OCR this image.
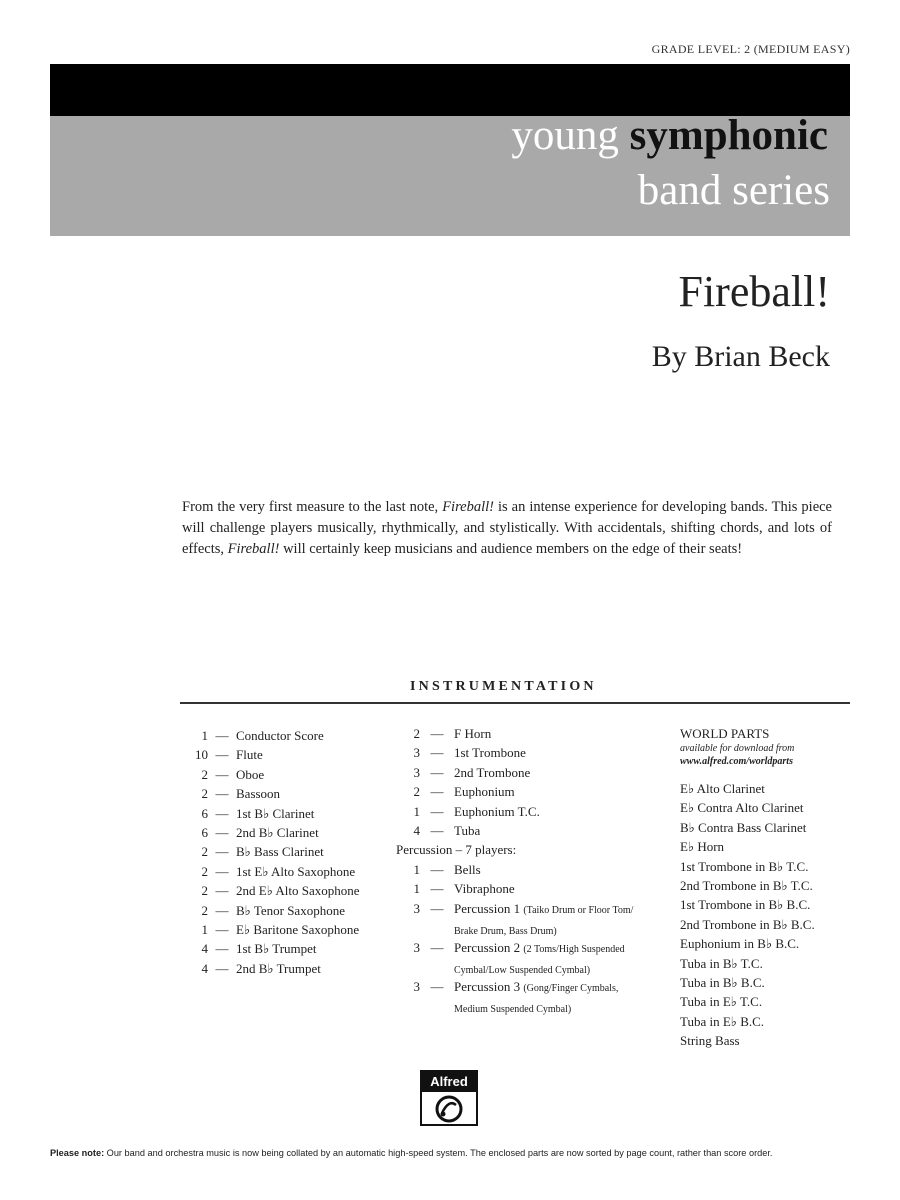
GRADE LEVEL: 2 (MEDIUM EASY)
young symphonic
band series
Fireball!
By Brian Beck
From the very first measure to the last note, Fireball! is an intense experience for developing bands. This piece will challenge players musically, rhythmically, and stylistically. With accidentals, shifting chords, and lots of effects, Fireball! will certainly keep musicians and audience members on the edge of their seats!
INSTRUMENTATION
1 — Conductor Score
10 — Flute
2 — Oboe
2 — Bassoon
6 — 1st B♭ Clarinet
6 — 2nd B♭ Clarinet
2 — B♭ Bass Clarinet
2 — 1st E♭ Alto Saxophone
2 — 2nd E♭ Alto Saxophone
2 — B♭ Tenor Saxophone
1 — E♭ Baritone Saxophone
4 — 1st B♭ Trumpet
4 — 2nd B♭ Trumpet
2 — F Horn
3 — 1st Trombone
3 — 2nd Trombone
2 — Euphonium
1 — Euphonium T.C.
4 — Tuba
Percussion – 7 players:
1 — Bells
1 — Vibraphone
3 — Percussion 1 (Taiko Drum or Floor Tom/
Brake Drum, Bass Drum)
3 — Percussion 2 (2 Toms/High Suspended
Cymbal/Low Suspended Cymbal)
3 — Percussion 3 (Gong/Finger Cymbals,
Medium Suspended Cymbal)
WORLD PARTS
available for download from
www.alfred.com/worldparts
E♭ Alto Clarinet
E♭ Contra Alto Clarinet
B♭ Contra Bass Clarinet
E♭ Horn
1st Trombone in B♭ T.C.
2nd Trombone in B♭ T.C.
1st Trombone in B♭ B.C.
2nd Trombone in B♭ B.C.
Euphonium in B♭ B.C.
Tuba in B♭ T.C.
Tuba in B♭ B.C.
Tuba in E♭ T.C.
Tuba in E♭ B.C.
String Bass
Alfred
Please note: Our band and orchestra music is now being collated by an automatic high-speed system. The enclosed parts are now sorted by page count, rather than score order.
